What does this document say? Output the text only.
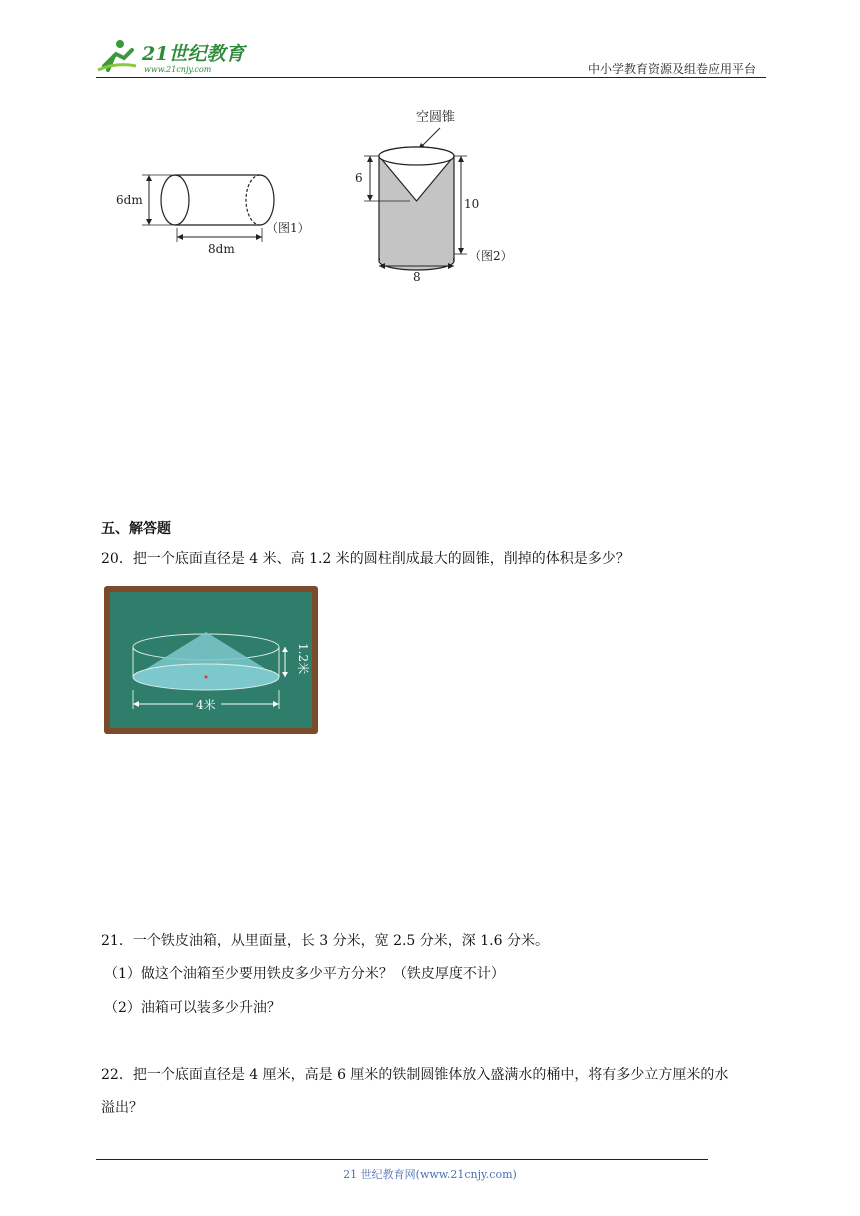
21世纪教育
www.21cnjy.com	中小学教育资源及组卷应用平台
6dm
8dm
（图1）
空圆锥
6
10
8
（图2）
五、解答题
20．把一个底面直径是 4 米、高 1.2 米的圆柱削成最大的圆锥，削掉的体积是多少？
1.2米
4米
21．一个铁皮油箱，从里面量，长 3 分米，宽 2.5 分米，深 1.6 分米。
（1）做这个油箱至少要用铁皮多少平方分米？（铁皮厚度不计）
（2）油箱可以装多少升油？
22．把一个底面直径是 4 厘米，高是 6 厘米的铁制圆锥体放入盛满水的桶中，将有多少立方厘米的水
溢出？
21 世纪教育网(www.21cnjy.com)
